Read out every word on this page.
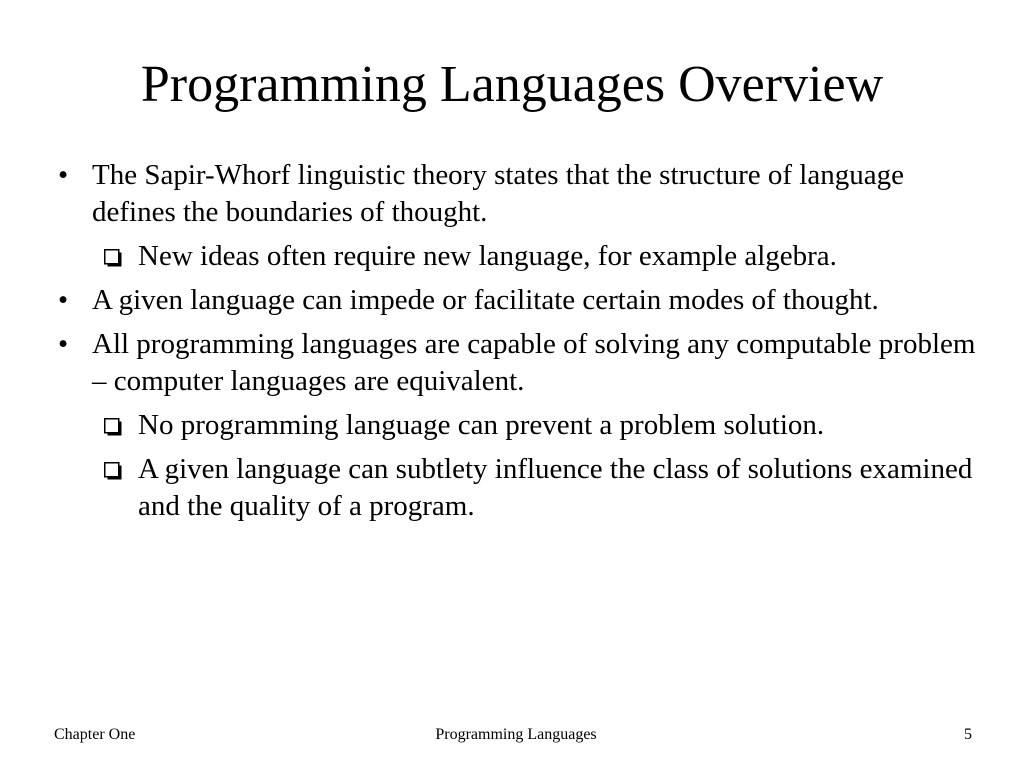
Programming Languages Overview
• The Sapir-Whorf linguistic theory states that the structure of language defines the boundaries of thought.
New ideas often require new language, for example algebra.
• A given language can impede or facilitate certain modes of thought.
• All programming languages are capable of solving any computable problem – computer languages are equivalent.
No programming language can prevent a problem solution.
A given language can subtlety influence the class of solutions examined and the quality of a program.
Chapter One	Programming Languages	5
